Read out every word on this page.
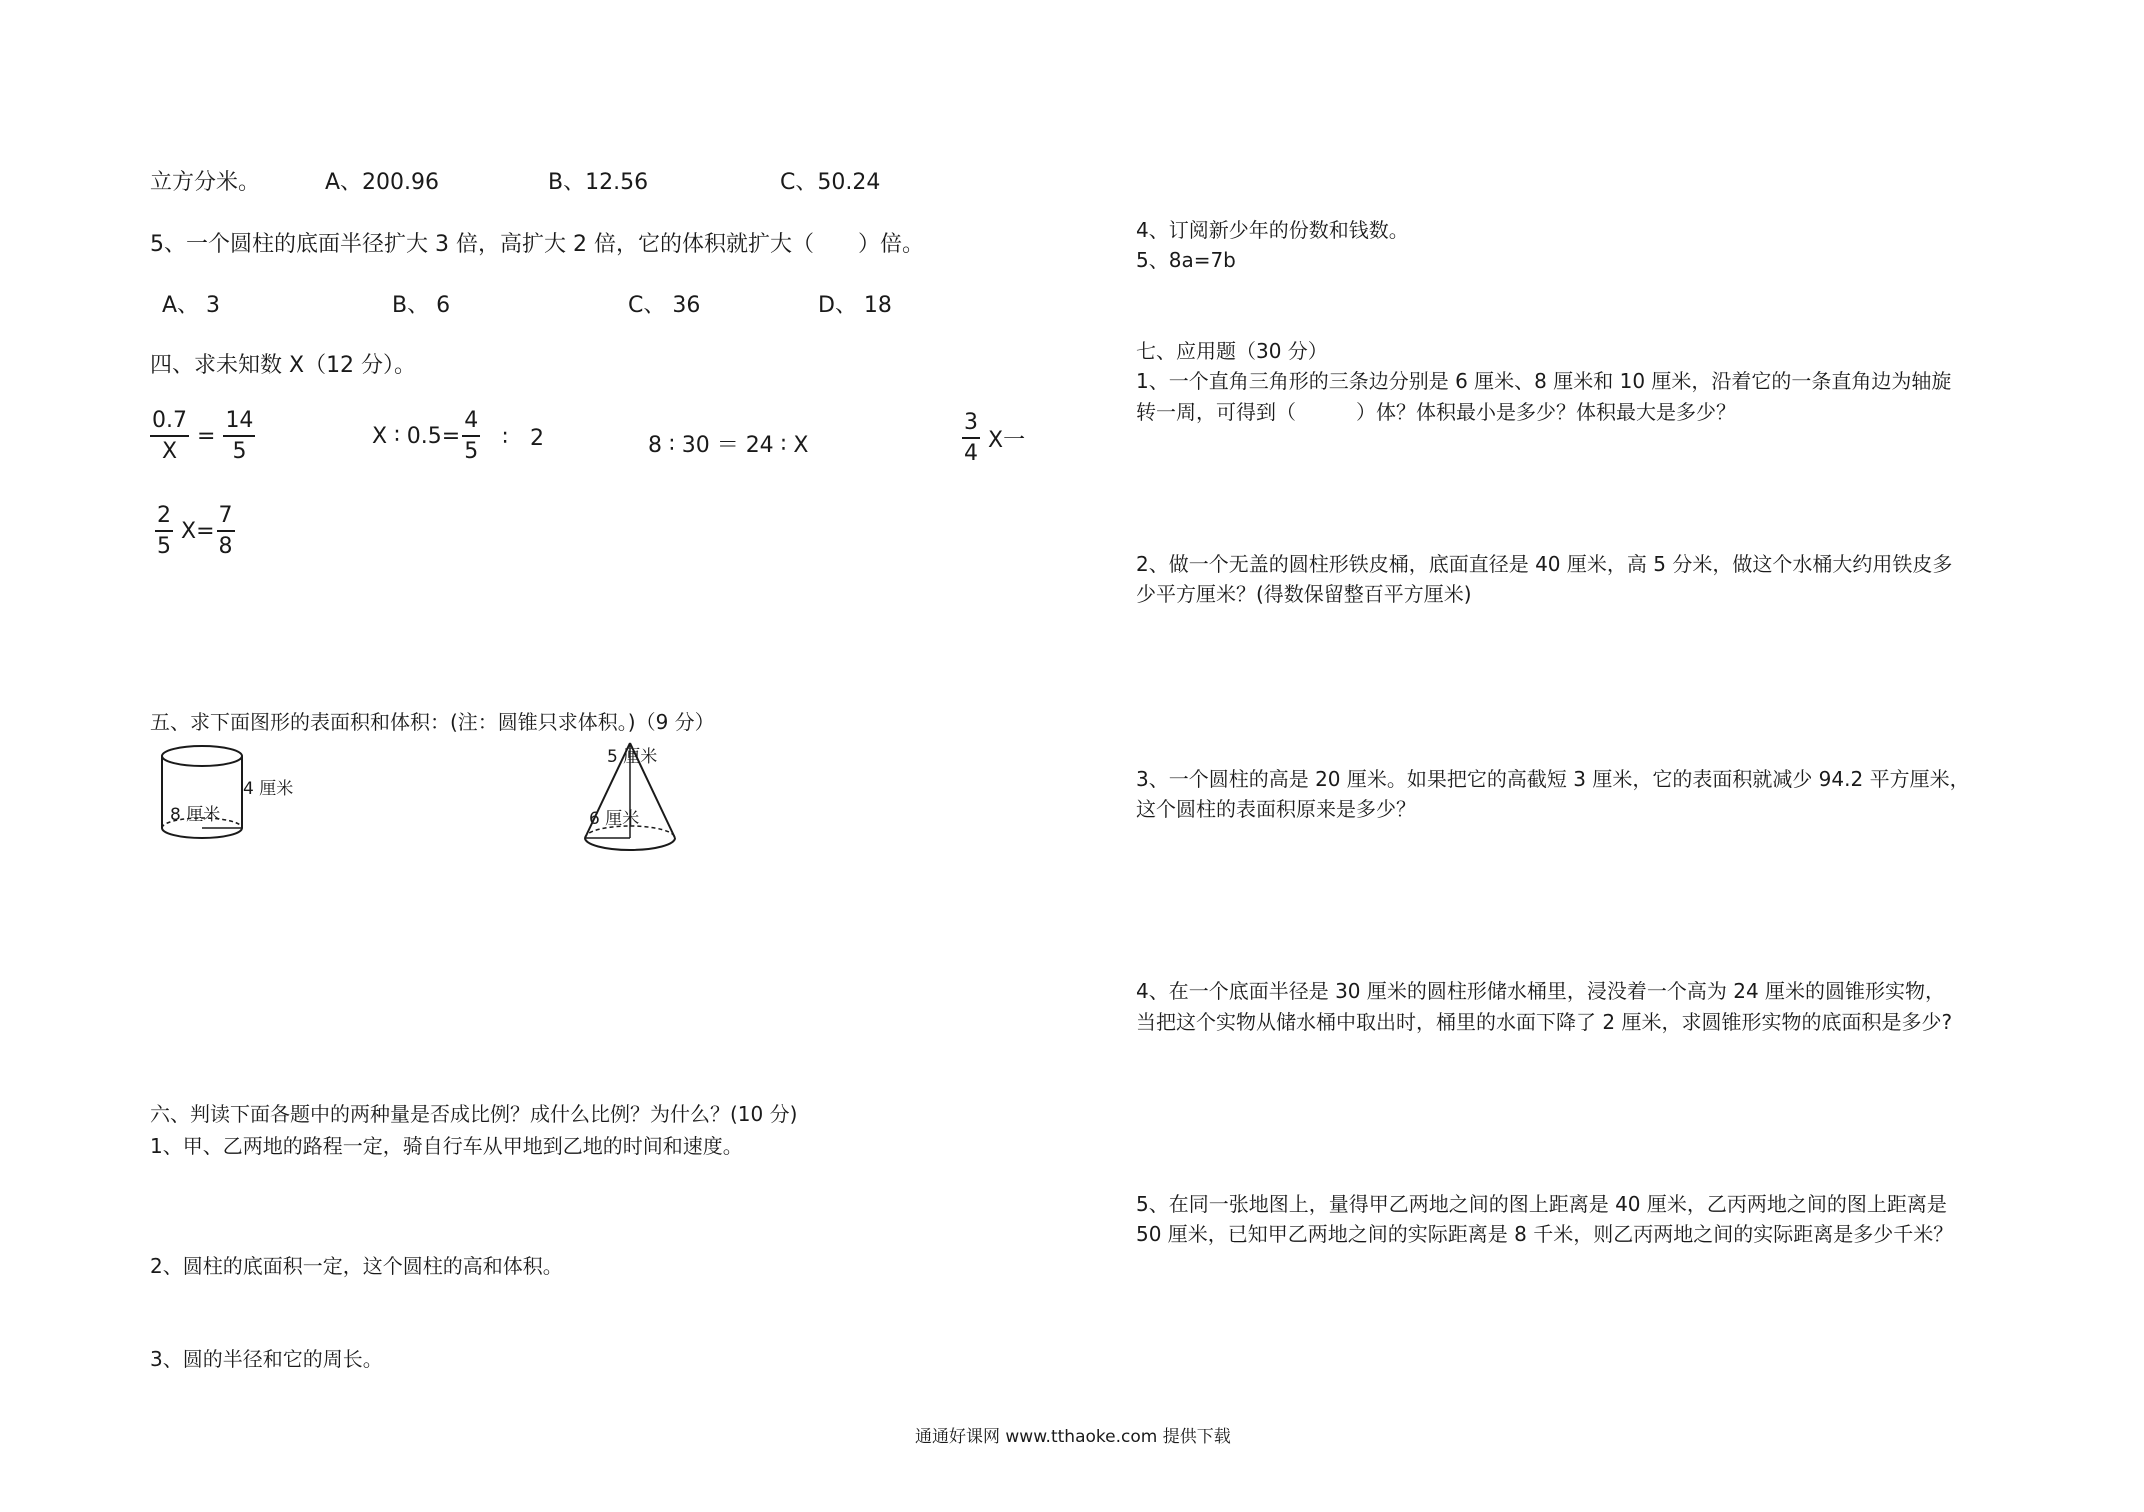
立方分米。	A、200.96	B、12.56	C、50.24
5、一个圆柱的底面半径扩大 3 倍，高扩大 2 倍，它的体积就扩大（　　）倍。
A、 3	B、 6	C、 36	D、 18
四、求未知数 X（12 分）。
$\frac{0.7}{X} = \frac{14}{5}$	X ∶ $0.5= \frac{4}{5}$ ∶　2	8 ∶ 30 ＝ 24 ∶ X	$\frac{3}{4}$ X一
$\frac{2}{5} X= \frac{7}{8}$
五、求下面图形的表面积和体积：(注：圆锥只求体积。)（9 分）
4 厘米
8 厘米
5 厘米
6 厘米
六、判读下面各题中的两种量是否成比例？成什么比例？为什么？(10 分)
1、甲、乙两地的路程一定，骑自行车从甲地到乙地的时间和速度。
2、圆柱的底面积一定，这个圆柱的高和体积。
3、圆的半径和它的周长。
4、订阅新少年的份数和钱数。
5、8a=7b
七、应用题（30 分）
1、一个直角三角形的三条边分别是 6 厘米、8 厘米和 10 厘米，沿着它的一条直角边为轴旋
转一周，可得到（　　　）体？体积最小是多少？体积最大是多少？
2、做一个无盖的圆柱形铁皮桶，底面直径是 40 厘米，高 5 分米，做这个水桶大约用铁皮多
少平方厘米？(得数保留整百平方厘米)
3、一个圆柱的高是 20 厘米。如果把它的高截短 3 厘米，它的表面积就减少 94.2 平方厘米，
这个圆柱的表面积原来是多少？
4、在一个底面半径是 30 厘米的圆柱形储水桶里，浸没着一个高为 24 厘米的圆锥形实物，
当把这个实物从储水桶中取出时，桶里的水面下降了 2 厘米，求圆锥形实物的底面积是多少?
5、在同一张地图上，量得甲乙两地之间的图上距离是 40 厘米，乙丙两地之间的图上距离是
50 厘米，已知甲乙两地之间的实际距离是 8 千米，则乙丙两地之间的实际距离是多少千米？
通通好课网 www.tthaoke.com 提供下载
